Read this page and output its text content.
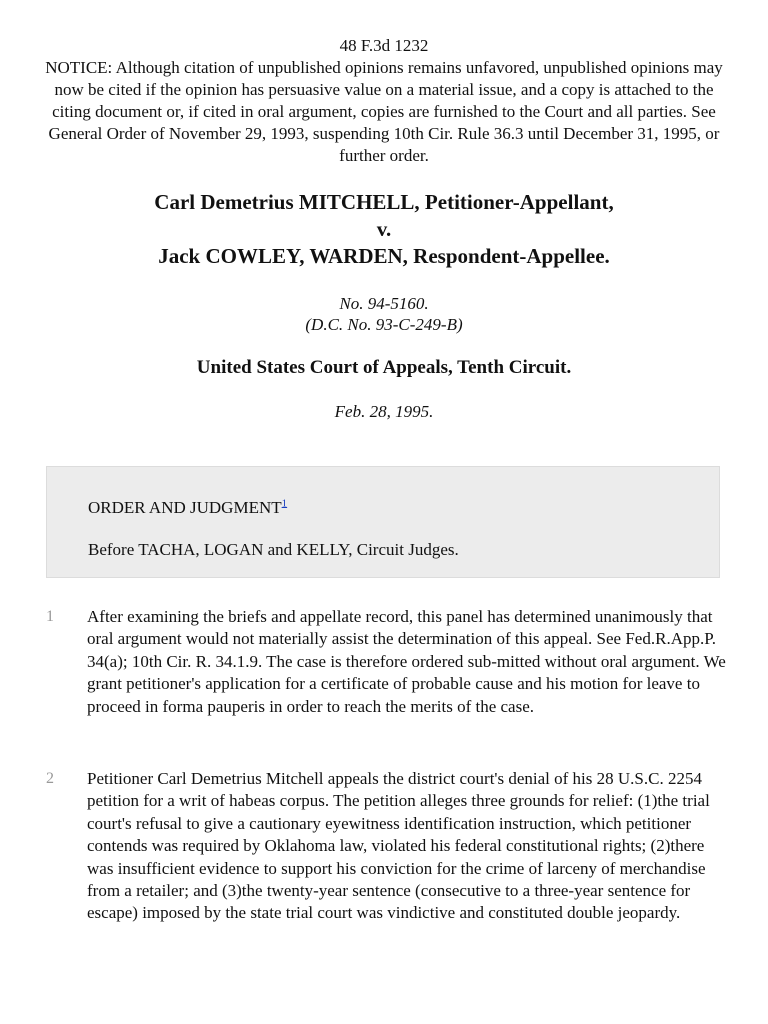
48 F.3d 1232
NOTICE: Although citation of unpublished opinions remains unfavored, unpublished opinions may now be cited if the opinion has persuasive value on a material issue, and a copy is attached to the citing document or, if cited in oral argument, copies are furnished to the Court and all parties. See General Order of November 29, 1993, suspending 10th Cir. Rule 36.3 until December 31, 1995, or further order.
Carl Demetrius MITCHELL, Petitioner-Appellant,
v.
Jack COWLEY, WARDEN, Respondent-Appellee.
No. 94-5160.
(D.C. No. 93-C-249-B)
United States Court of Appeals, Tenth Circuit.
Feb. 28, 1995.
ORDER AND JUDGMENT$^1$
Before TACHA, LOGAN and KELLY, Circuit Judges.
1	After examining the briefs and appellate record, this panel has determined unanimously that oral argument would not materially assist the determination of this appeal. See Fed.R.App.P. 34(a); 10th Cir. R. 34.1.9. The case is therefore ordered sub-mitted without oral argument. We grant petitioner's application for a certificate of probable cause and his motion for leave to proceed in forma pauperis in order to reach the merits of the case.
2	Petitioner Carl Demetrius Mitchell appeals the district court's denial of his 28 U.S.C. 2254 petition for a writ of habeas corpus. The petition alleges three grounds for relief: (1)the trial court's refusal to give a cautionary eyewitness identification instruction, which petitioner contends was required by Oklahoma law, violated his federal constitutional rights; (2)there was insufficient evidence to support his conviction for the crime of larceny of merchandise from a retailer; and (3)the twenty-year sentence (consecutive to a three-year sentence for escape) imposed by the state trial court was vindictive and constituted double jeopardy.
